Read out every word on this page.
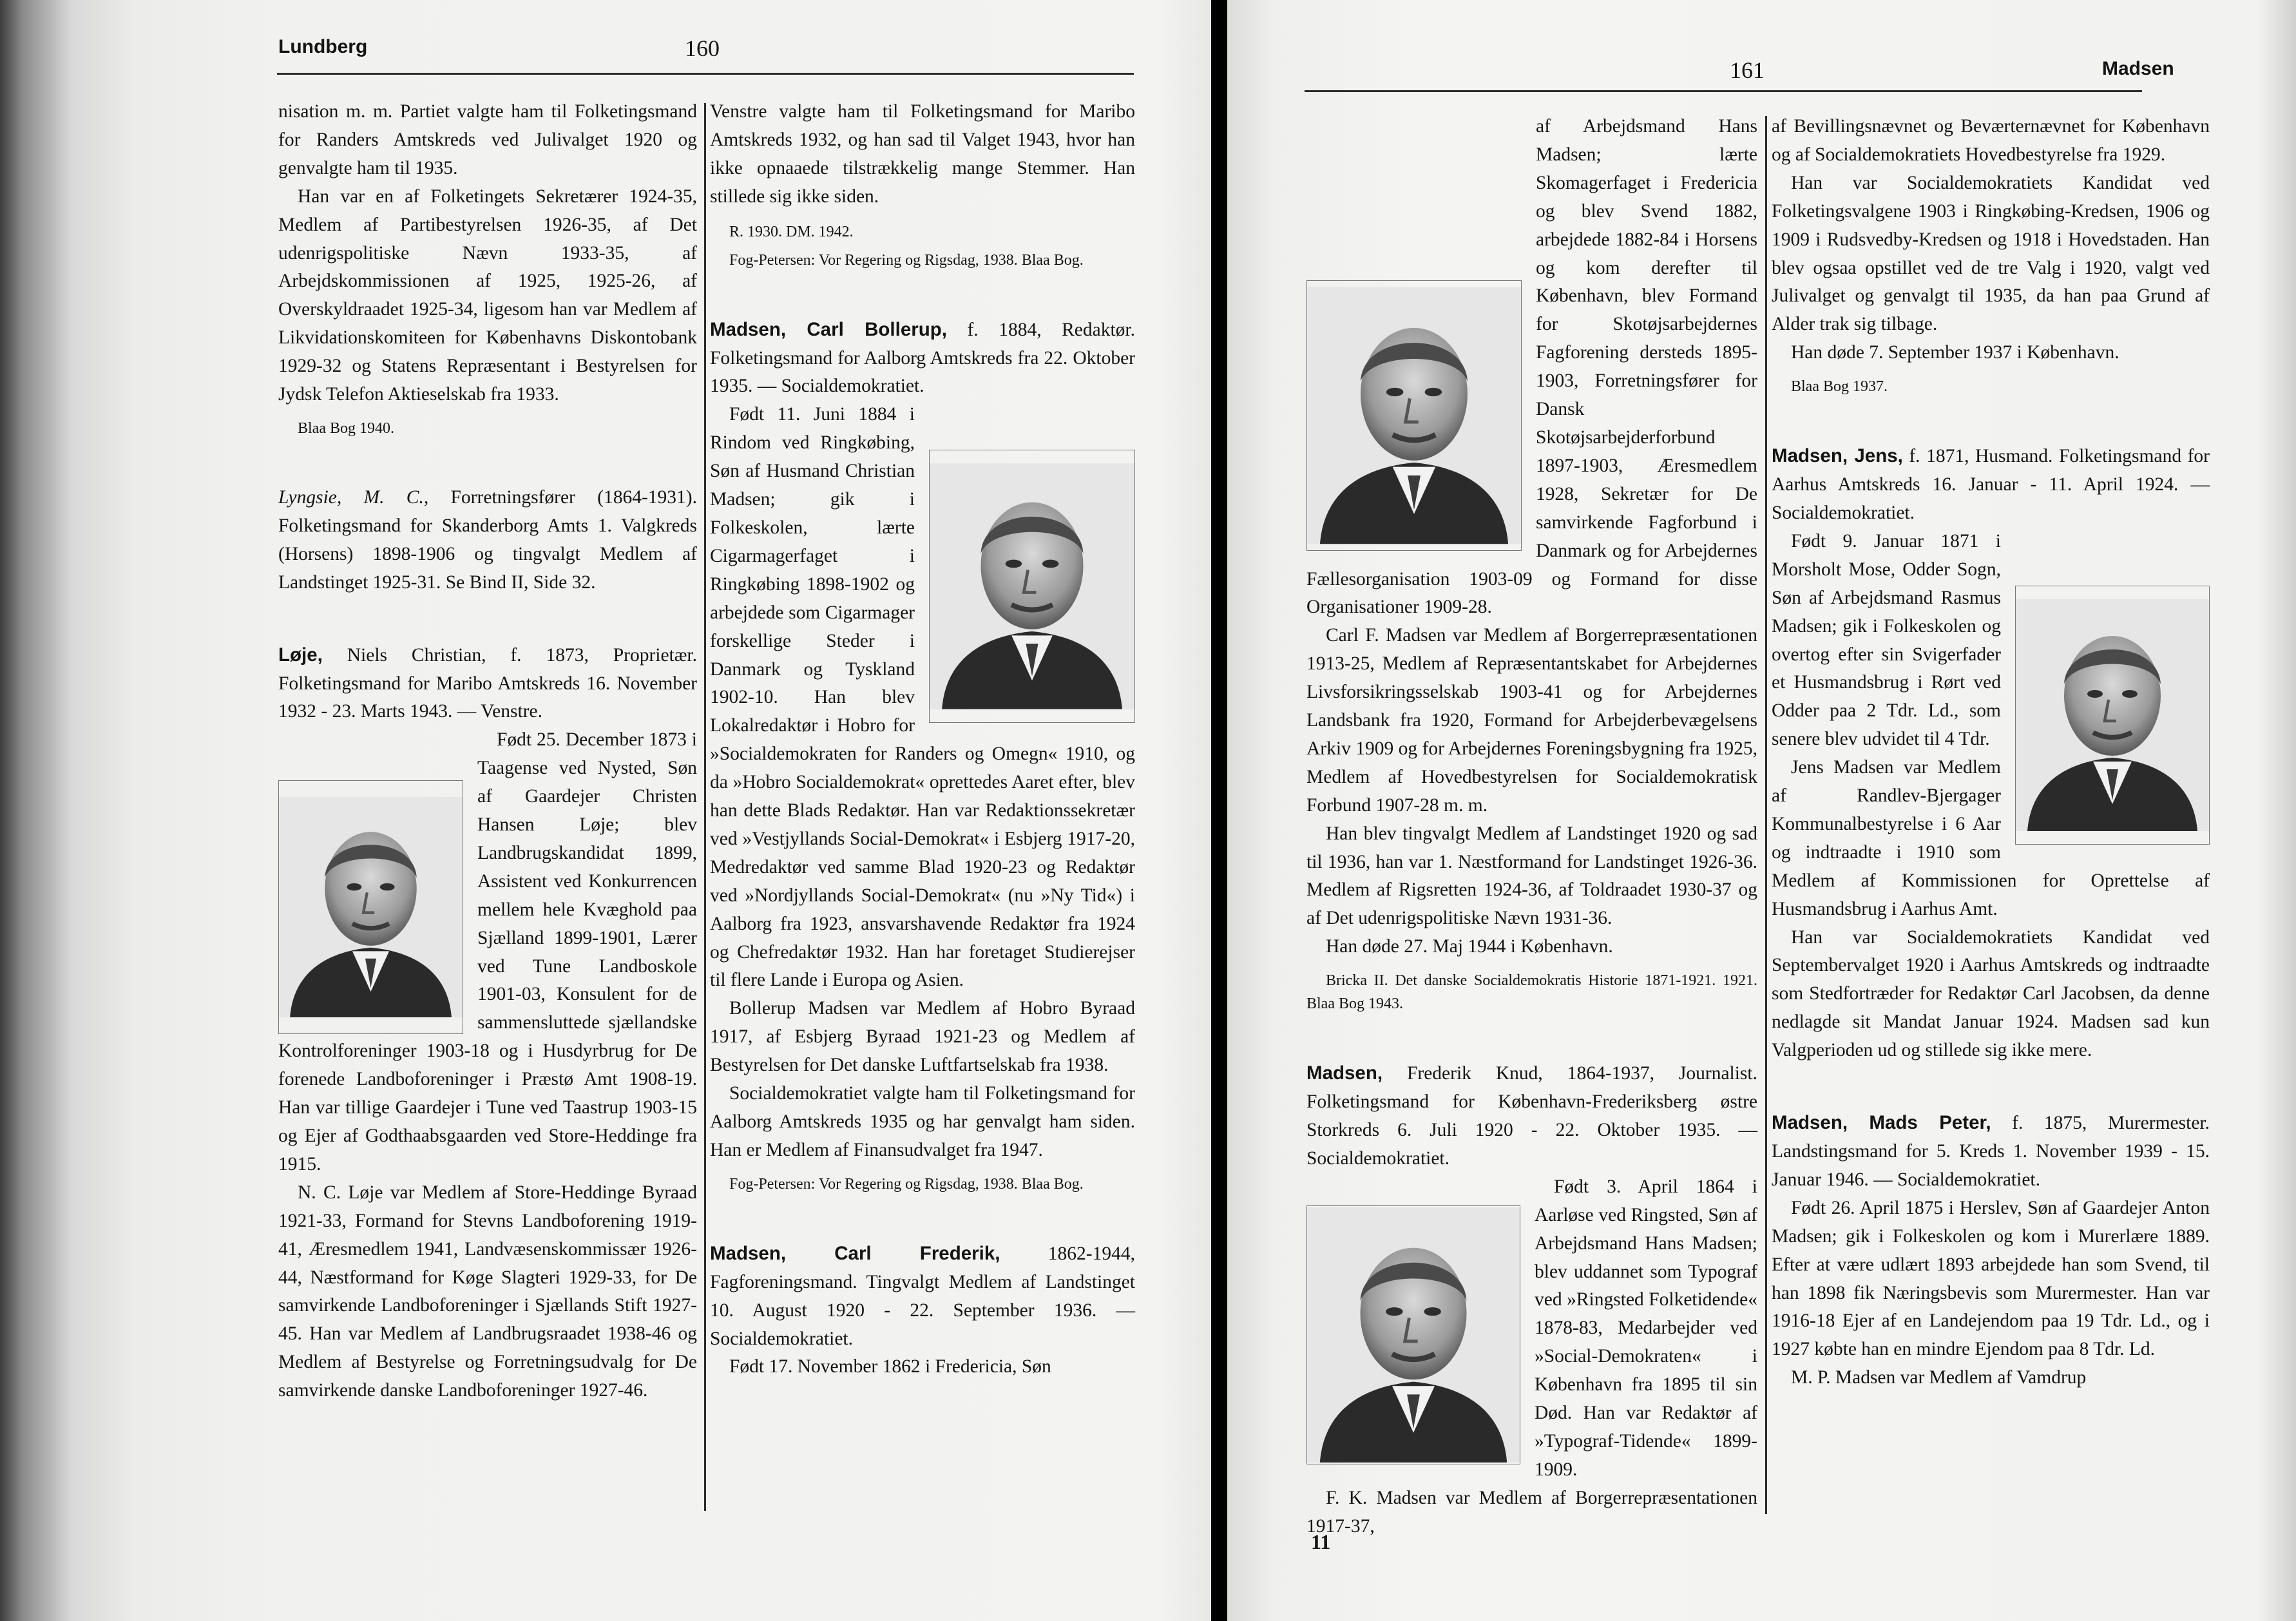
Lundberg	160

nisation m. m. Partiet valgte ham til Folketingsmand for Randers Amtskreds ved Julivalget 1920 og genvalgte ham til 1935.

Han var en af Folketingets Sekretærer 1924-35, Medlem af Partibestyrelsen 1926-35, af Det udenrigspolitiske Nævn 1933-35, af Arbejdskommissionen af 1925, 1925-26, af Overskyldraadet 1925-34, ligesom han var Medlem af Likvidationskomiteen for Københavns Diskontobank 1929-32 og Statens Repræsentant i Bestyrelsen for Jydsk Telefon Aktieselskab fra 1933.

Blaa Bog 1940.

Lyngsie, M. C., Forretningsfører (1864-1931). Folketingsmand for Skanderborg Amts 1. Valgkreds (Horsens) 1898-1906 og tingvalgt Medlem af Landstinget 1925-31. Se Bind II, Side 32.

Løje, Niels Christian, f. 1873, Proprietær. Folketingsmand for Maribo Amtskreds 16. November 1932 - 23. Marts 1943. — Venstre.

Født 25. December 1873 i Taagense ved Nysted, Søn af Gaardejer Christen Hansen Løje; blev Landbrugskandidat 1899, Assistent ved Konkurrencen mellem hele Kvæghold paa Sjælland 1899-1901, Lærer ved Tune Landboskole 1901-03, Konsulent for de sammensluttede sjællandske Kontrolforeninger 1903-18 og i Husdyrbrug for De forenede Landboforeninger i Præstø Amt 1908-19. Han var tillige Gaardejer i Tune ved Taastrup 1903-15 og Ejer af Godthaabsgaarden ved Store-Heddinge fra 1915.

N. C. Løje var Medlem af Store-Heddinge Byraad 1921-33, Formand for Stevns Landboforening 1919-41, Æresmedlem 1941, Landvæsenskommissær 1926-44, Næstformand for Køge Slagteri 1929-33, for De samvirkende Landboforeninger i Sjællands Stift 1927-45. Han var Medlem af Landbrugsraadet 1938-46 og Medlem af Bestyrelse og Forretningsudvalg for De samvirkende danske Landboforeninger 1927-46.

Venstre valgte ham til Folketingsmand for Maribo Amtskreds 1932, og han sad til Valget 1943, hvor han ikke opnaaede tilstrækkelig mange Stemmer. Han stillede sig ikke siden.

R. 1930. DM. 1942.

Fog-Petersen: Vor Regering og Rigsdag, 1938. Blaa Bog.

Madsen, Carl Bollerup, f. 1884, Redaktør. Folketingsmand for Aalborg Amtskreds fra 22. Oktober 1935. — Socialdemokratiet.

Født 11. Juni 1884 i Rindom ved Ringkøbing, Søn af Husmand Christian Madsen; gik i Folkeskolen, lærte Cigarmagerfaget i Ringkøbing 1898-1902 og arbejdede som Cigarmager forskellige Steder i Danmark og Tyskland 1902-10. Han blev Lokalredaktør i Hobro for »Socialdemokraten for Randers og Omegn« 1910, og da »Hobro Socialdemokrat« oprettedes Aaret efter, blev han dette Blads Redaktør. Han var Redaktionssekretær ved »Vestjyllands Social-Demokrat« i Esbjerg 1917-20, Medredaktør ved samme Blad 1920-23 og Redaktør ved »Nordjyllands Social-Demokrat« (nu »Ny Tid«) i Aalborg fra 1923, ansvarshavende Redaktør fra 1924 og Chefredaktør 1932. Han har foretaget Studierejser til flere Lande i Europa og Asien.

Bollerup Madsen var Medlem af Hobro Byraad 1917, af Esbjerg Byraad 1921-23 og Medlem af Bestyrelsen for Det danske Luftfartselskab fra 1938.

Socialdemokratiet valgte ham til Folketingsmand for Aalborg Amtskreds 1935 og har genvalgt ham siden. Han er Medlem af Finansudvalget fra 1947.

Fog-Petersen: Vor Regering og Rigsdag, 1938. Blaa Bog.

Madsen, Carl Frederik, 1862-1944, Fagforeningsmand. Tingvalgt Medlem af Landstinget 10. August 1920 - 22. September 1936. — Socialdemokratiet.

Født 17. November 1862 i Fredericia, Søn

161	Madsen

af Arbejdsmand Hans Madsen; lærte Skomagerfaget i Fredericia og blev Svend 1882, arbejdede 1882-84 i Horsens og kom derefter til København, blev Formand for Skotøjsarbejdernes Fagforening dersteds 1895-1903, Forretningsfører for Dansk Skotøjsarbejderforbund 1897-1903, Æresmedlem 1928, Sekretær for De samvirkende Fagforbund i Danmark og for Arbejdernes Fællesorganisation 1903-09 og Formand for disse Organisationer 1909-28.

Carl F. Madsen var Medlem af Borgerrepræsentationen 1913-25, Medlem af Repræsentantskabet for Arbejdernes Livsforsikringsselskab 1903-41 og for Arbejdernes Landsbank fra 1920, Formand for Arbejderbevægelsens Arkiv 1909 og for Arbejdernes Foreningsbygning fra 1925, Medlem af Hovedbestyrelsen for Socialdemokratisk Forbund 1907-28 m. m.

Han blev tingvalgt Medlem af Landstinget 1920 og sad til 1936, han var 1. Næstformand for Landstinget 1926-36. Medlem af Rigsretten 1924-36, af Toldraadet 1930-37 og af Det udenrigspolitiske Nævn 1931-36.

Han døde 27. Maj 1944 i København.

Bricka II. Det danske Socialdemokratis Historie 1871-1921. 1921. Blaa Bog 1943.

Madsen, Frederik Knud, 1864-1937, Journalist. Folketingsmand for København-Frederiksberg østre Storkreds 6. Juli 1920 - 22. Oktober 1935. — Socialdemokratiet.

Født 3. April 1864 i Aarløse ved Ringsted, Søn af Arbejdsmand Hans Madsen; blev uddannet som Typograf ved »Ringsted Folketidende« 1878-83, Medarbejder ved »Social-Demokraten« i København fra 1895 til sin Død. Han var Redaktør af »Typograf-Tidende« 1899-1909.

F. K. Madsen var Medlem af Borgerrepræsentationen 1917-37,

af Bevillingsnævnet og Beværternævnet for København og af Socialdemokratiets Hovedbestyrelse fra 1929.

Han var Socialdemokratiets Kandidat ved Folketingsvalgene 1903 i Ringkøbing-Kredsen, 1906 og 1909 i Rudsvedby-Kredsen og 1918 i Hovedstaden. Han blev ogsaa opstillet ved de tre Valg i 1920, valgt ved Julivalget og genvalgt til 1935, da han paa Grund af Alder trak sig tilbage.

Han døde 7. September 1937 i København.

Blaa Bog 1937.

Madsen, Jens, f. 1871, Husmand. Folketingsmand for Aarhus Amtskreds 16. Januar - 11. April 1924. — Socialdemokratiet.

Født 9. Januar 1871 i Morsholt Mose, Odder Sogn, Søn af Arbejdsmand Rasmus Madsen; gik i Folkeskolen og overtog efter sin Svigerfader et Husmandsbrug i Rørt ved Odder paa 2 Tdr. Ld., som senere blev udvidet til 4 Tdr.

Jens Madsen var Medlem af Randlev-Bjergager Kommunalbestyrelse i 6 Aar og indtraadte i 1910 som Medlem af Kommissionen for Oprettelse af Husmandsbrug i Aarhus Amt.

Han var Socialdemokratiets Kandidat ved Septembervalget 1920 i Aarhus Amtskreds og indtraadte som Stedfortræder for Redaktør Carl Jacobsen, da denne nedlagde sit Mandat Januar 1924. Madsen sad kun Valgperioden ud og stillede sig ikke mere.

Madsen, Mads Peter, f. 1875, Murermester. Landstingsmand for 5. Kreds 1. November 1939 - 15. Januar 1946. — Socialdemokratiet.

Født 26. April 1875 i Herslev, Søn af Gaardejer Anton Madsen; gik i Folkeskolen og kom i Murerlære 1889. Efter at være udlært 1893 arbejdede han som Svend, til han 1898 fik Næringsbevis som Murermester. Han var 1916-18 Ejer af en Landejendom paa 19 Tdr. Ld., og i 1927 købte han en mindre Ejendom paa 8 Tdr. Ld.

M. P. Madsen var Medlem af Vamdrup

11
